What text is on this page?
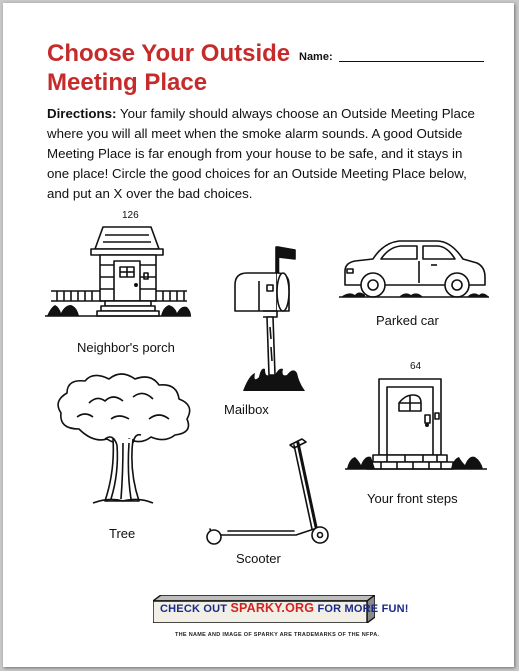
Choose Your Outside Meeting Place
Name:

Directions: Your family should always choose an Outside Meeting Place where you will all meet when the smoke alarm sounds. A good Outside Meeting Place is far enough from your house to be safe, and it stays in one place! Circle the good choices for an Outside Meeting Place below, and put an X over the bad choices.

126
Neighbor's porch
Mailbox
Parked car
Tree
Scooter
64
Your front steps
CHECK OUT SPARKY.ORG FOR MORE FUN!
THE NAME AND IMAGE OF SPARKY ARE TRADEMARKS OF THE NFPA.
